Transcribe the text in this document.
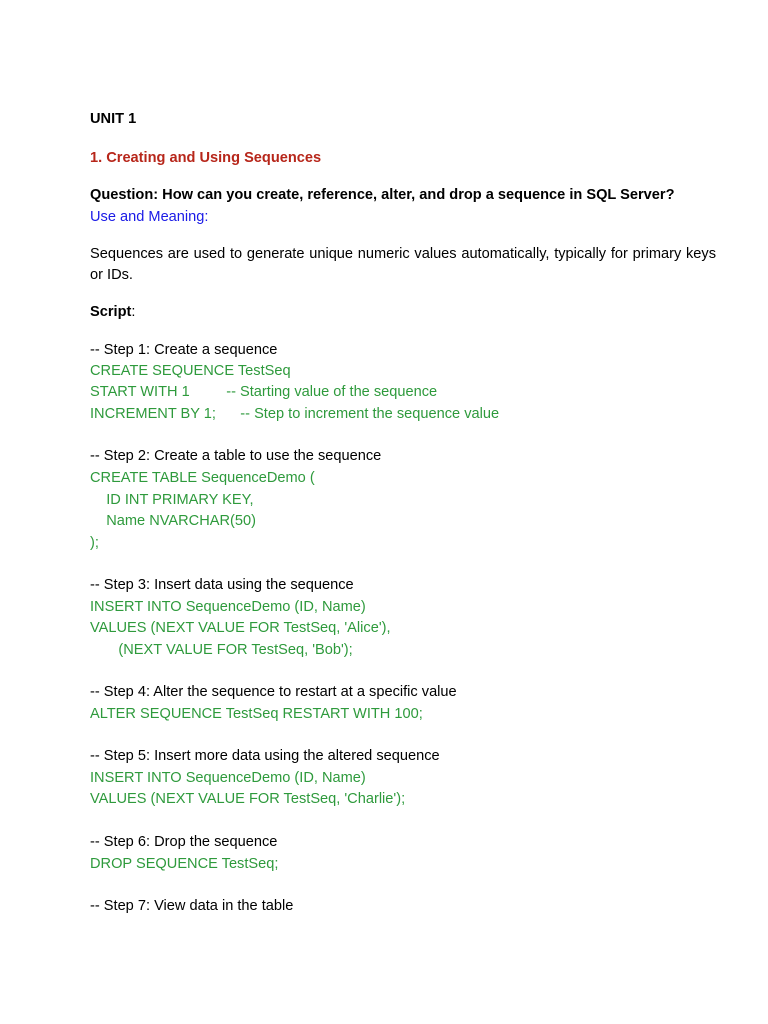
UNIT 1
1. Creating and Using Sequences
Question: How can you create, reference, alter, and drop a sequence in SQL Server?
Use and Meaning:
Sequences are used to generate unique numeric values automatically, typically for primary keys or IDs.
Script:
-- Step 1: Create a sequence
CREATE SEQUENCE TestSeq
START WITH 1         -- Starting value of the sequence
INCREMENT BY 1;      -- Step to increment the sequence value
-- Step 2: Create a table to use the sequence
CREATE TABLE SequenceDemo (
ID INT PRIMARY KEY,
Name NVARCHAR(50)
);
-- Step 3: Insert data using the sequence
INSERT INTO SequenceDemo (ID, Name)
VALUES (NEXT VALUE FOR TestSeq, 'Alice'),
(NEXT VALUE FOR TestSeq, 'Bob');
-- Step 4: Alter the sequence to restart at a specific value
ALTER SEQUENCE TestSeq RESTART WITH 100;
-- Step 5: Insert more data using the altered sequence
INSERT INTO SequenceDemo (ID, Name)
VALUES (NEXT VALUE FOR TestSeq, 'Charlie');
-- Step 6: Drop the sequence
DROP SEQUENCE TestSeq;
-- Step 7: View data in the table
